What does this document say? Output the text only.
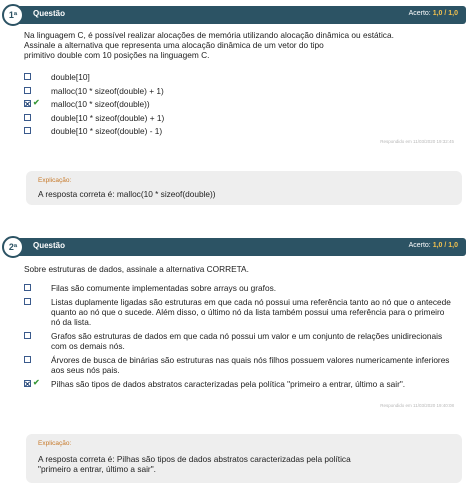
1ª Questão	Acerto: 1,0 / 1,0
Na linguagem C, é possível realizar alocações de memória utilizando alocação dinâmica ou estática.
Assinale a alternativa que representa uma alocação dinâmica de um vetor do tipo
primitivo double com 10 posições na linguagem C.
double[10]
malloc(10 * sizeof(double) + 1)
✔ malloc(10 * sizeof(double))
double[10 * sizeof(double) + 1)
double[10 * sizeof(double) - 1)
Respondido em 11/03/2020 19:32:45
Explicação:
A resposta correta é: malloc(10 * sizeof(double))
2ª Questão	Acerto: 1,0 / 1,0
Sobre estruturas de dados, assinale a alternativa CORRETA.
Filas são comumente implementadas sobre arrays ou grafos.
Listas duplamente ligadas são estruturas em que cada nó possui uma referência tanto ao nó que o antecede quanto ao nó que o sucede. Além disso, o último nó da lista também possui uma referência para o primeiro nó da lista.
Grafos são estruturas de dados em que cada nó possui um valor e um conjunto de relações unidirecionais com os demais nós.
Árvores de busca de binárias são estruturas nas quais nós filhos possuem valores numericamente inferiores aos seus nós pais.
✔ Pilhas são tipos de dados abstratos caracterizadas pela política "primeiro a entrar, último a sair".
Respondido em 11/03/2020 19:40:08
Explicação:
A resposta correta é: Pilhas são tipos de dados abstratos caracterizadas pela política
"primeiro a entrar, último a sair".
